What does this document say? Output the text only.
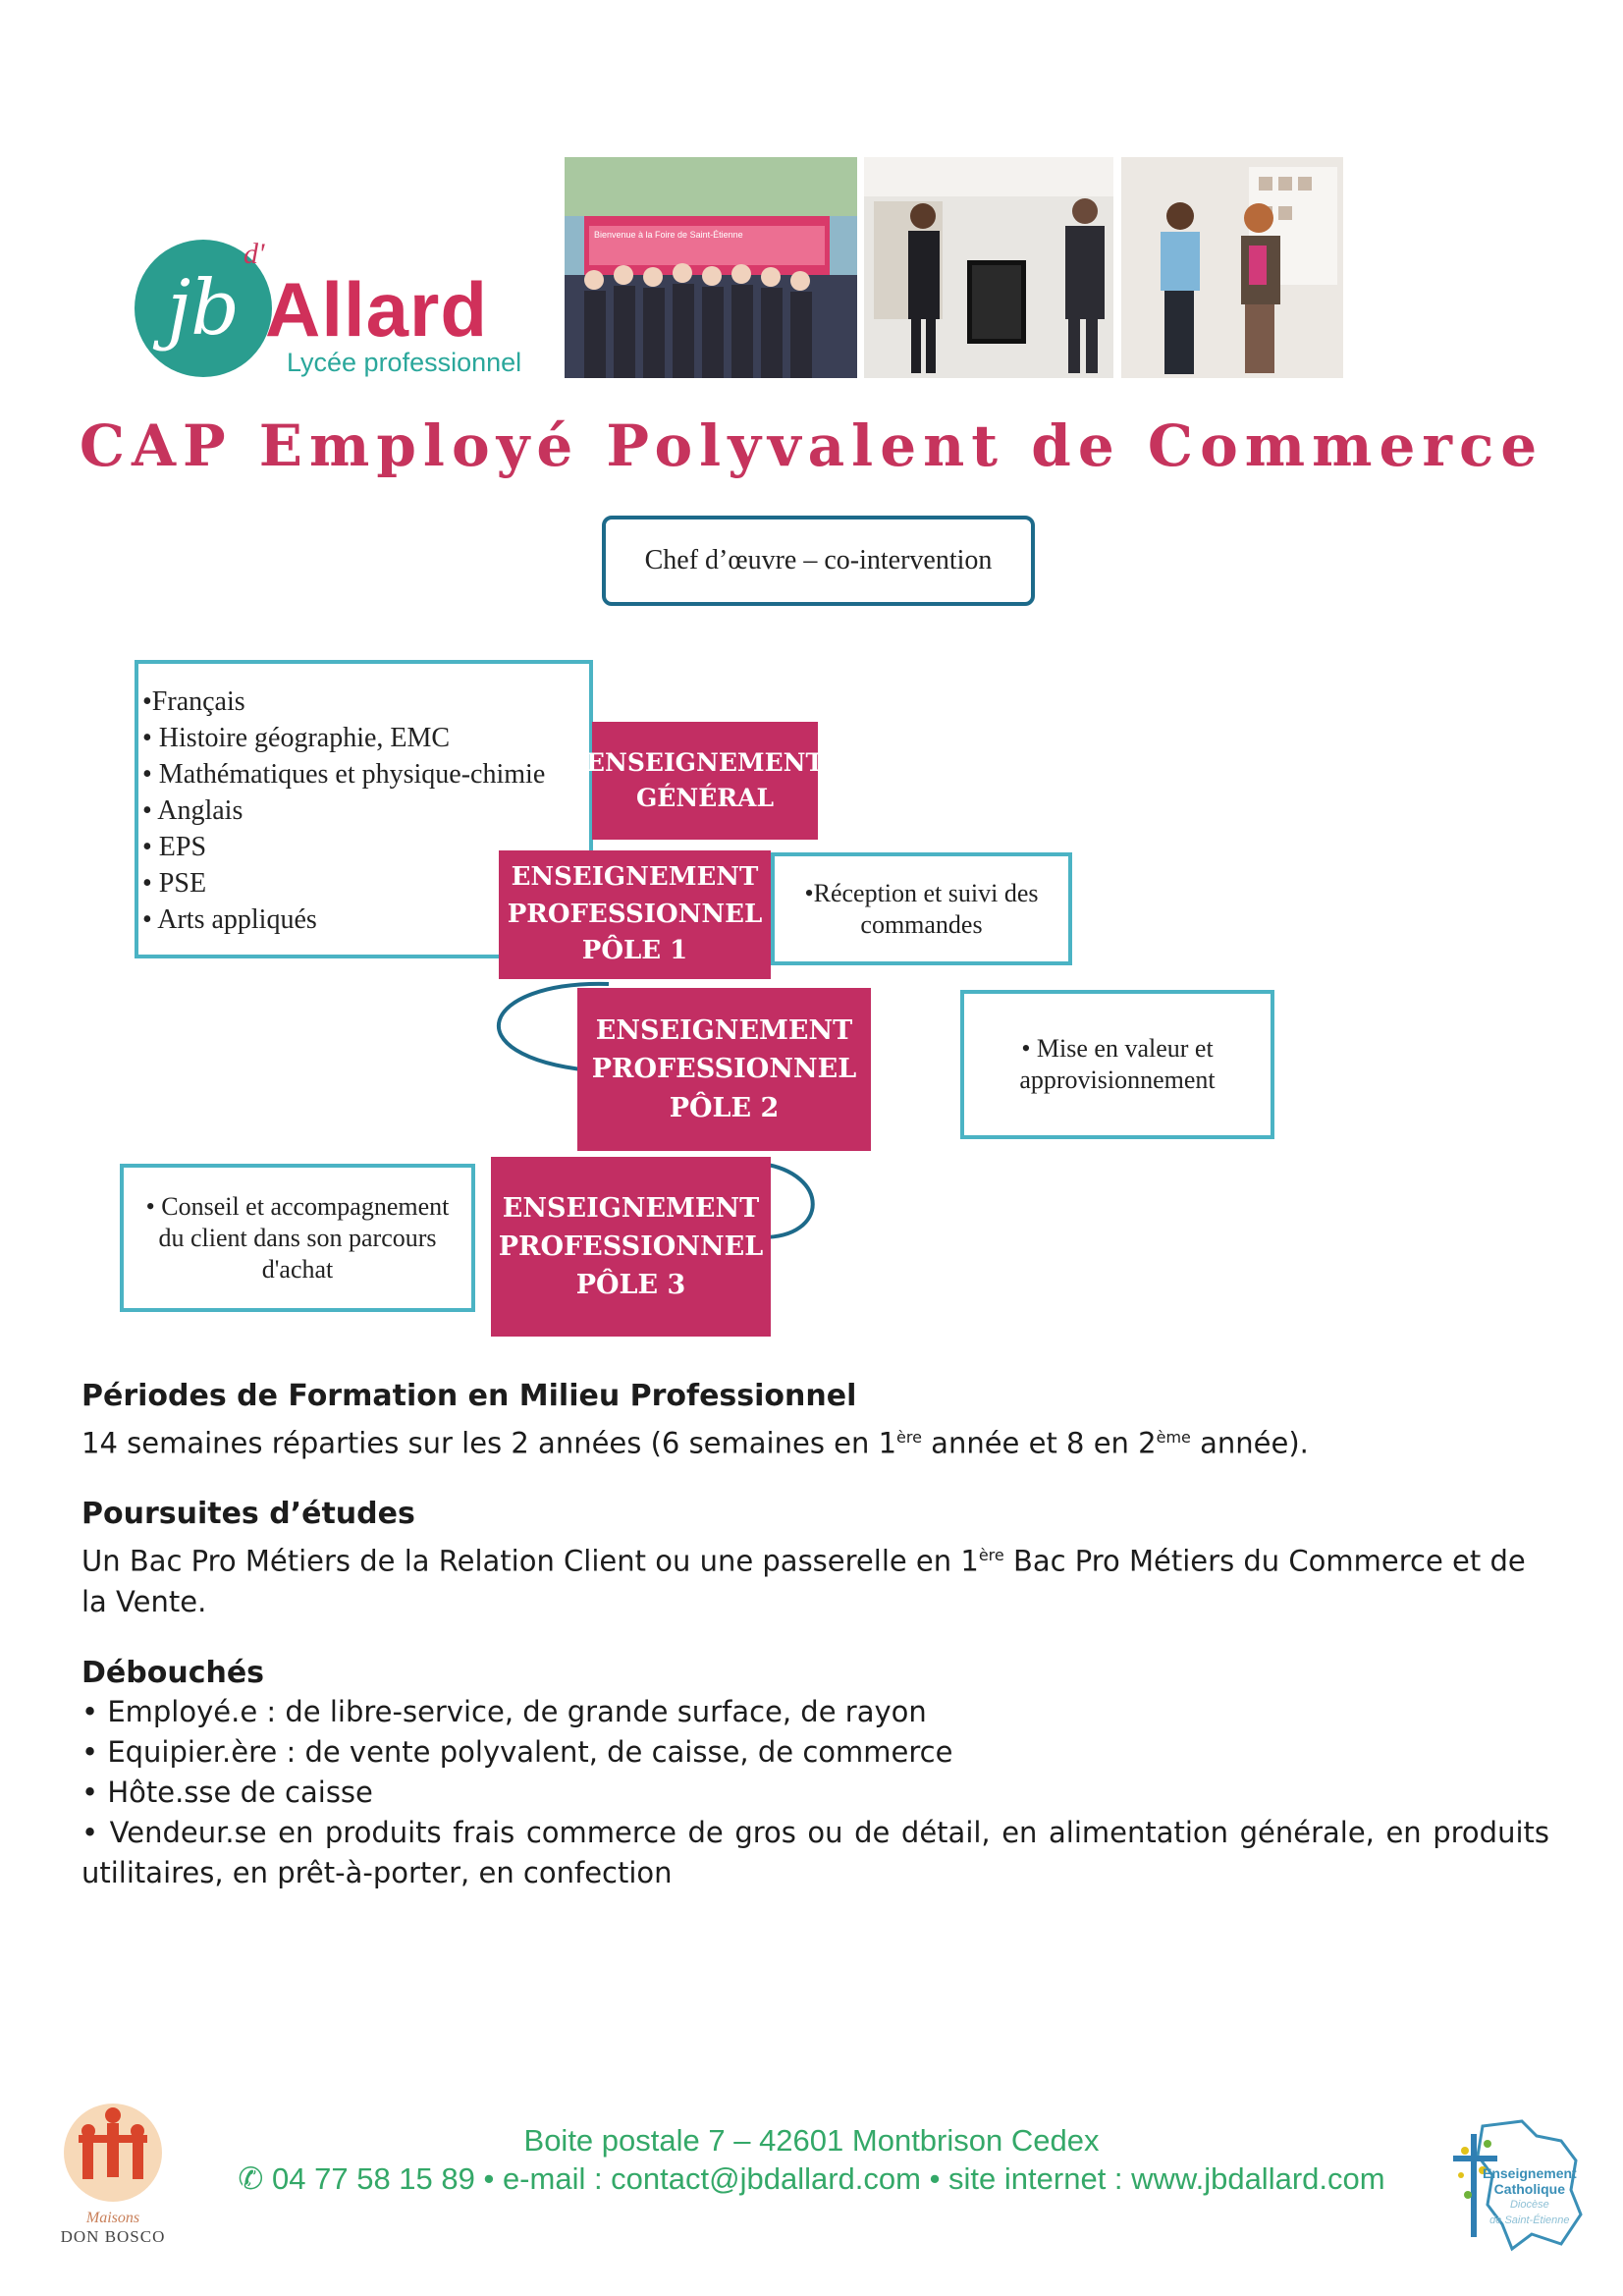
jb
d'
Allard
Lycée professionnel
Bienvenue à la Foire de Saint-Étienne
CAP Employé Polyvalent de Commerce
Chef d’œuvre – co-intervention
•Français
• Histoire géographie, EMC
• Mathématiques et physique-chimie
• Anglais
• EPS
• PSE
• Arts appliqués
ENSEIGNEMENT GÉNÉRAL
ENSEIGNEMENT
PROFESSIONNEL
PÔLE 1
•Réception et suivi des commandes
ENSEIGNEMENT
PROFESSIONNEL
PÔLE 2
• Mise en valeur et approvisionnement
ENSEIGNEMENT
PROFESSIONNEL
PÔLE 3
• Conseil et accompagnement du client dans son parcours d'achat
Périodes de Formation en Milieu Professionnel
14 semaines réparties sur les 2 années (6 semaines en 1ère année et 8 en 2ème année).
Poursuites d’études
Un Bac Pro Métiers de la Relation Client ou une passerelle en 1ère Bac Pro Métiers du Commerce et de la Vente.
Débouchés
• Employé.e : de libre-service, de grande surface, de rayon
• Equipier.ère : de vente polyvalent, de caisse, de commerce
• Hôte.sse de caisse
• Vendeur.se en produits frais commerce de gros ou de détail, en alimentation générale, en produits utilitaires, en prêt-à-porter, en confection
Maisons
DON BOSCO
Boite postale 7 – 42601 Montbrison Cedex
✆ 04 77 58 15 89 • e-mail : contact@jbdallard.com • site internet : www.jbdallard.com	Enseignement
Catholique
Diocèse
de Saint-Étienne
